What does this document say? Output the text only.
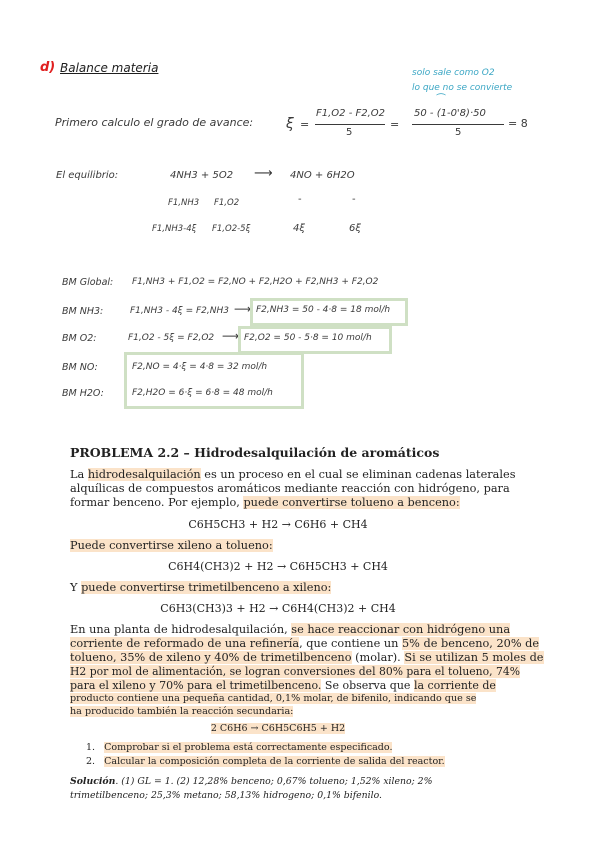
d) Balance materia	solo sale como O2
lo que no se convierte
⏜
Primero calculo el grado de avance: ξ =
F1,O2 - F2,O2
5
=
50 - (1-0'8)·50
5
= 8
El equilibrio:	4NH3 + 5O2 ⟶ 4NO + 6H2O
F1,NH3 F1,O2	-	-
F1,NH3-4ξ F1,O2-5ξ	4ξ	6ξ
BM Global: F1,NH3 + F1,O2 = F2,NO + F2,H2O + F2,NH3 + F2,O2
BM NH3:	F1,NH3 - 4ξ = F2,NH3 ⟶ F2,NH3 = 50 - 4·8 = 18 mol/h
BM O2:	F1,O2 - 5ξ = F2,O2 ⟶ F2,O2 = 50 - 5·8 = 10 mol/h
BM NO:	F2,NO = 4·ξ = 4·8 = 32 mol/h
BM H2O:	F2,H2O = 6·ξ = 6·8 = 48 mol/h
PROBLEMA 2.2 – Hidrodesalquilación de aromáticos
La hidrodesalquilación es un proceso en el cual se eliminan cadenas laterales
alquílicas de compuestos aromáticos mediante reacción con hidrógeno, para
formar benceno. Por ejemplo, puede convertirse tolueno a benceno:
C6H5CH3 + H2 → C6H6 + CH4
Puede convertirse xileno a tolueno:
C6H4(CH3)2 + H2 → C6H5CH3 + CH4
Y puede convertirse trimetilbenceno a xileno:
C6H3(CH3)3 + H2 → C6H4(CH3)2 + CH4
En una planta de hidrodesalquilación, se hace reaccionar con hidrógeno una
corriente de reformado de una refinería, que contiene un 5% de benceno, 20% de
tolueno, 35% de xileno y 40% de trimetilbenceno (molar). Si se utilizan 5 moles de
H2 por mol de alimentación, se logran conversiones del 80% para el tolueno, 74%
para el xileno y 70% para el trimetilbenceno. Se observa que la corriente de
producto contiene una pequeña cantidad, 0,1% molar, de bifenilo, indicando que se
ha producido también la reacción secundaria:
2 C6H6 → C6H5C6H5 + H2
1. Comprobar si el problema está correctamente especificado.
2. Calcular la composición completa de la corriente de salida del reactor.
Solución. (1) GL = 1. (2) 12,28% benceno; 0,67% tolueno; 1,52% xileno; 2%
trimetilbenceno; 25,3% metano; 58,13% hidrogeno; 0,1% bifenilo.
